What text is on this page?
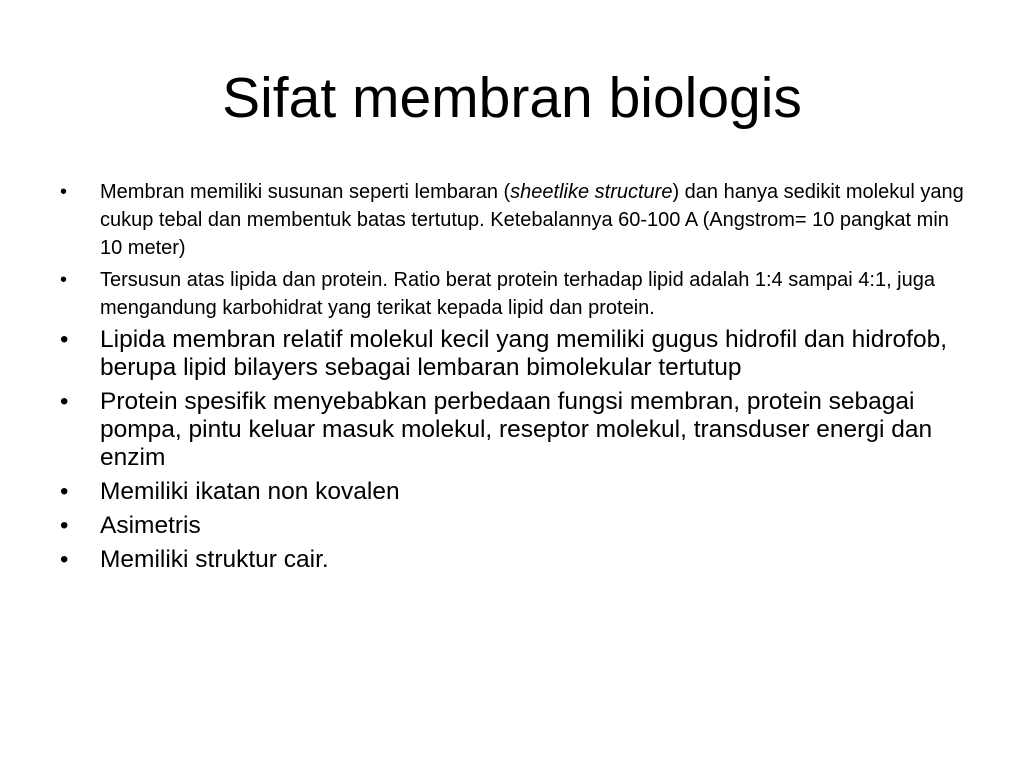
Sifat membran biologis
• Membran memiliki susunan seperti lembaran (sheetlike structure) dan hanya sedikit molekul yang cukup tebal dan membentuk batas tertutup. Ketebalannya 60-100 A (Angstrom= 10 pangkat min 10 meter)
• Tersusun atas lipida dan protein. Ratio berat protein terhadap lipid adalah 1:4 sampai 4:1, juga mengandung karbohidrat yang terikat kepada lipid dan protein.
• Lipida membran relatif molekul kecil yang memiliki gugus hidrofil dan hidrofob, berupa lipid bilayers sebagai lembaran bimolekular tertutup
• Protein spesifik menyebabkan perbedaan fungsi membran, protein sebagai pompa, pintu keluar masuk molekul, reseptor molekul, transduser energi dan enzim
• Memiliki ikatan non kovalen
• Asimetris
• Memiliki struktur cair.
